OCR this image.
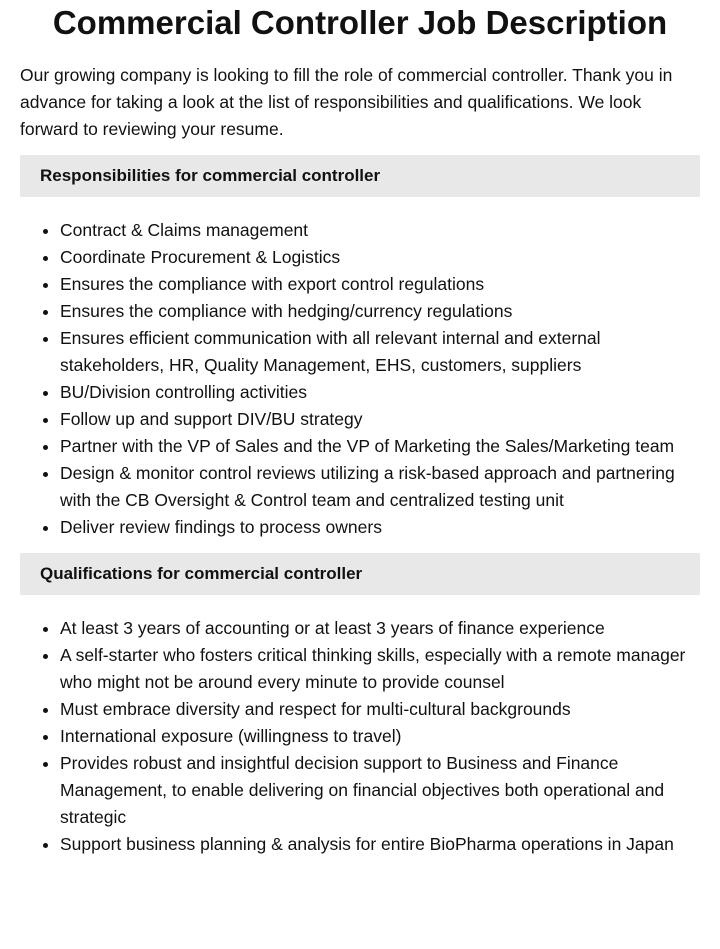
Commercial Controller Job Description

Our growing company is looking to fill the role of commercial controller. Thank you in advance for taking a look at the list of responsibilities and qualifications. We look forward to reviewing your resume.

Responsibilities for commercial controller
• Contract & Claims management
• Coordinate Procurement & Logistics
• Ensures the compliance with export control regulations
• Ensures the compliance with hedging/currency regulations
• Ensures efficient communication with all relevant internal and external stakeholders, HR, Quality Management, EHS, customers, suppliers
• BU/Division controlling activities
• Follow up and support DIV/BU strategy
• Partner with the VP of Sales and the VP of Marketing the Sales/Marketing team
• Design & monitor control reviews utilizing a risk-based approach and partnering with the CB Oversight & Control team and centralized testing unit
• Deliver review findings to process owners
Qualifications for commercial controller
• At least 3 years of accounting or at least 3 years of finance experience
• A self-starter who fosters critical thinking skills, especially with a remote manager who might not be around every minute to provide counsel
• Must embrace diversity and respect for multi-cultural backgrounds
• International exposure (willingness to travel)
• Provides robust and insightful decision support to Business and Finance Management, to enable delivering on financial objectives both operational and strategic
• Support business planning & analysis for entire BioPharma operations in Japan
